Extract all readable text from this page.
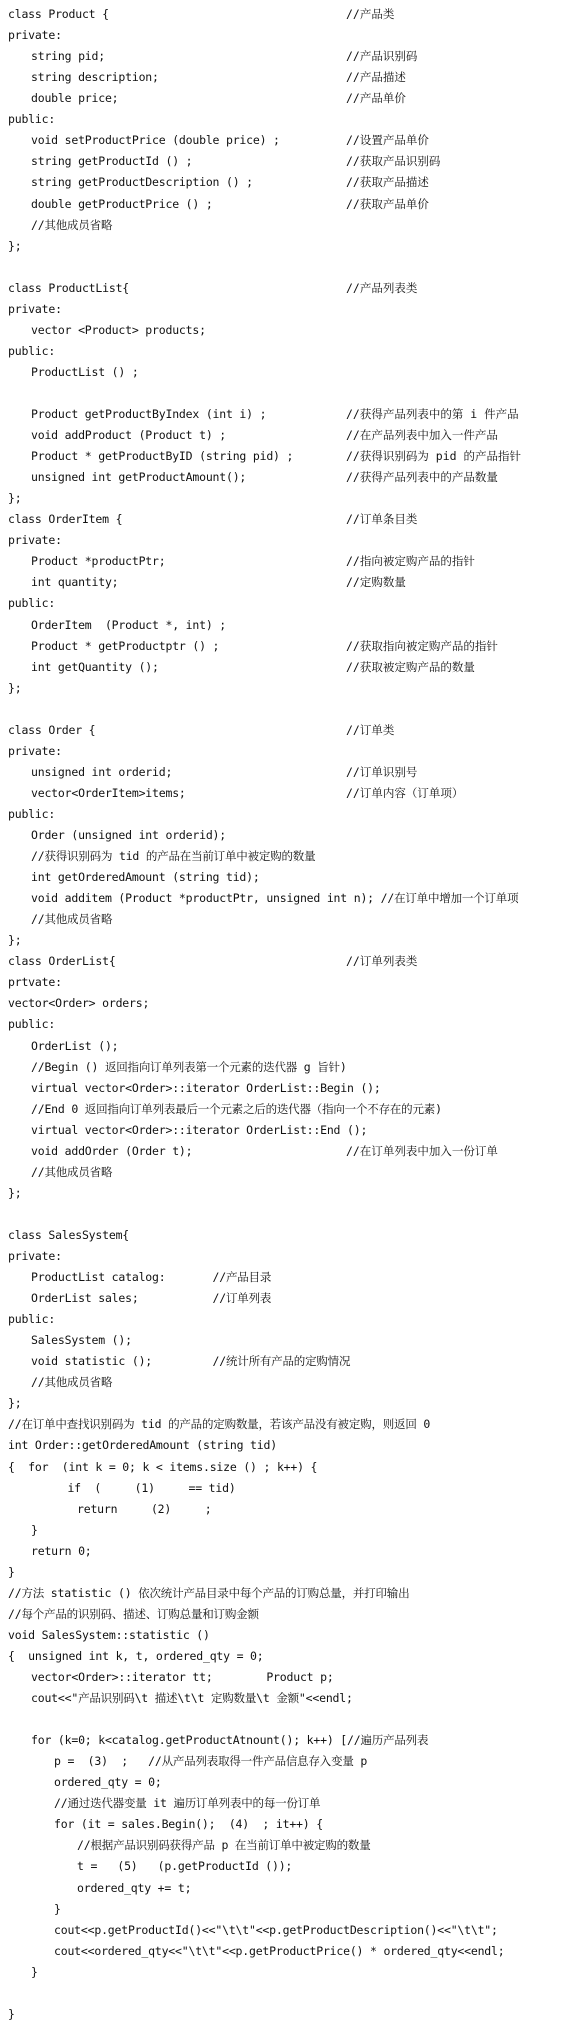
class Product {	//产品类
private:
string pid;	//产品识别码
string description;	//产品描述
double price;	//产品单价
public:
void setProductPrice (double price) ;	//设置产品单价
string getProductId () ;	//获取产品识别码
string getProductDescription () ;	//获取产品描述
double getProductPrice () ;	//获取产品单价
//其他成员省略
};
class ProductList{	//产品列表类
private:
vector <Product> products;
public:
ProductList () ;
Product getProductByIndex (int i) ;	//获得产品列表中的第 i 件产品
void addProduct (Product t) ;	//在产品列表中加入一件产品
Product * getProductByID (string pid) ;	//获得识别码为 pid 的产品指针
unsigned int getProductAmount();	//获得产品列表中的产品数量
};
class OrderItem {	//订单条目类
private:
Product *productPtr;	//指向被定购产品的指针
int quantity;	//定购数量
public:
OrderItem  (Product *, int) ;
Product * getProductptr () ;	//获取指向被定购产品的指针
int getQuantity ();	//获取被定购产品的数量
};
class Order {	//订单类
private:
unsigned int orderid;	//订单识别号
vector<OrderItem>items;	//订单内容（订单项）
public:
Order (unsigned int orderid);
//获得识别码为 tid 的产品在当前订单中被定购的数量
int getOrderedAmount (string tid);
void additem (Product *productPtr, unsigned int n); //在订单中增加一个订单项
//其他成员省略
};
class OrderList{	//订单列表类
prtvate:
vector<Order> orders;
public:
OrderList ();
//Begin () 返回指向订单列表第一个元素的迭代器 g 旨针)
virtual vector<Order>::iterator OrderList::Begin ();
//End 0 返回指向订单列表最后一个元素之后的迭代器（指向一个不存在的元素)
virtual vector<Order>::iterator OrderList::End ();
void addOrder (Order t);	//在订单列表中加入一份订单
//其他成员省略
};
class SalesSystem{
private:
ProductList catalog:       //产品目录
OrderList sales;           //订单列表
public:
SalesSystem ();
void statistic ();         //统计所有产品的定购情况
//其他成员省略
};
//在订单中查找识别码为 tid 的产品的定购数量，若该产品没有被定购，则返回 0
int Order::getOrderedAmount (string tid)
{  for  (int k = 0; k < items.size () ; k++) {
if  (     (1)     == tid)
return     (2)     ;
}
return 0;
}
//方法 statistic () 依次统计产品目录中每个产品的订购总量，并打印输出
//每个产品的识别码、描述、订购总量和订购金额
void SalesSystem::statistic ()
{  unsigned int k, t, ordered_qty = 0;
vector<Order>::iterator tt;        Product p;
cout<<"产品识别码\t 描述\t\t 定购数量\t 金额"<<endl;
for (k=0; k<catalog.getProductAtnount(); k++) [//遍历产品列表
p =  (3)  ;   //从产品列表取得一件产品信息存入变量 p
ordered_qty = 0;
//通过迭代器变量 it 遍历订单列表中的每一份订单
for (it = sales.Begin();  (4)  ; it++) {
//根据产品识别码获得产品 p 在当前订单中被定购的数量
t =   (5)   (p.getProductId ());
ordered_qty += t;
}
cout<<p.getProductId()<<"\t\t"<<p.getProductDescription()<<"\t\t";
cout<<ordered_qty<<"\t\t"<<p.getProductPrice() * ordered_qty<<endl;
}
}
